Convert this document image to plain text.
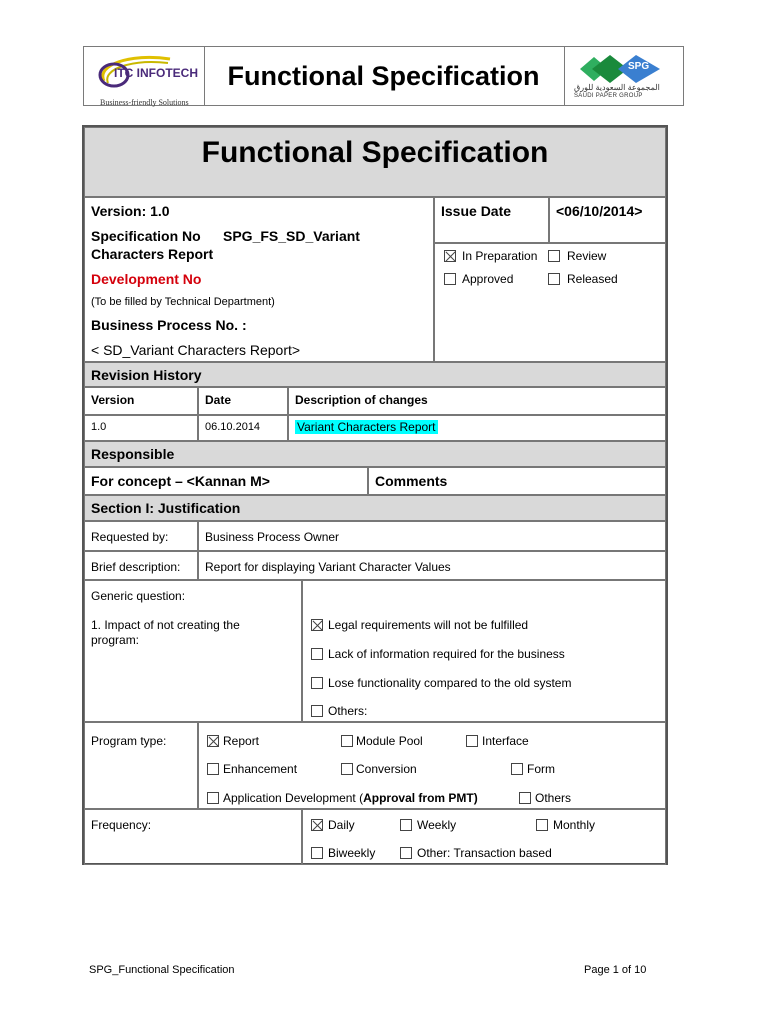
ITC INFOTECH
Business-friendly Solutions
Functional Specification	SPG
المجموعة السعودية للورق
SAUDI PAPER GROUP
Functional Specification
Version: 1.0
Specification No SPG_FS_SD_Variant
Characters Report
Development No
(To be filled by Technical Department)
Business Process No. :
< SD_Variant Characters Report>
Issue Date	<06/10/2014>
In Preparation Review
Approved	Released
Revision History
Version	Date	Description of changes
1.0	06.10.2014	Variant Characters Report
Responsible
For concept – <Kannan M>	Comments
Section I: Justification
Requested by:	Business Process Owner
Brief description: Report for displaying Variant Character Values
Generic question:
1. Impact of not creating the
program:
Legal requirements will not be fulfilled
Lack of information required for the business
Lose functionality compared to the old system
Others:
Program type:	Report	Module Pool	Interface
Enhancement	Conversion	Form
Application Development (Approval from PMT)	Others
Frequency:	Daily	Weekly	Monthly
Biweekly	Other: Transaction based
SPG_Functional Specification	Page 1 of 10
